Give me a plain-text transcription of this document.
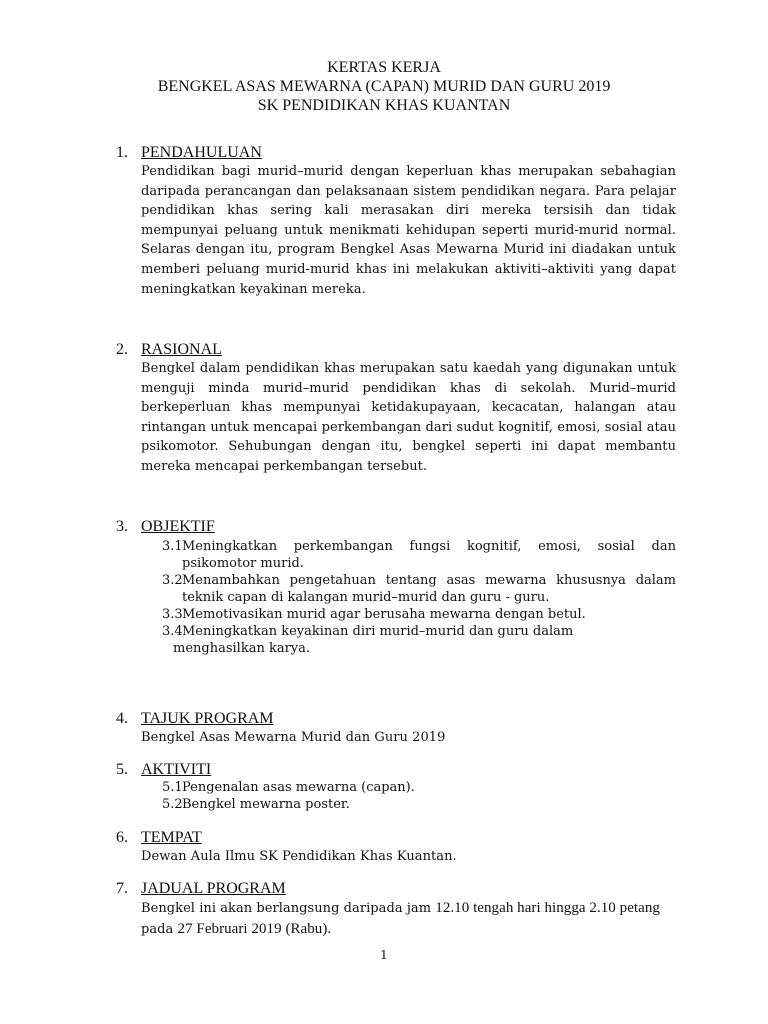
KERTAS KERJA
BENGKEL ASAS MEWARNA (CAPAN) MURID DAN GURU 2019
SK PENDIDIKAN KHAS KUANTAN
1. PENDAHULUAN
Pendidikan bagi murid–murid dengan keperluan khas merupakan sebahagian
daripada perancangan dan pelaksanaan sistem pendidikan negara. Para pelajar
pendidikan khas sering kali merasakan diri mereka tersisih dan tidak
mempunyai peluang untuk menikmati kehidupan seperti murid-murid normal.
Selaras dengan itu, program Bengkel Asas Mewarna Murid ini diadakan untuk
memberi peluang murid-murid khas ini melakukan aktiviti–aktiviti yang dapat
meningkatkan keyakinan mereka.
2. RASIONAL
Bengkel dalam pendidikan khas merupakan satu kaedah yang digunakan untuk
menguji minda murid–murid pendidikan khas di sekolah. Murid–murid
berkeperluan khas mempunyai ketidakupayaan, kecacatan, halangan atau
rintangan untuk mencapai perkembangan dari sudut kognitif, emosi, sosial atau
psikomotor. Sehubungan dengan itu, bengkel seperti ini dapat membantu
mereka mencapai perkembangan tersebut.
3. OBJEKTIF
3.1 Meningkatkan perkembangan fungsi kognitif, emosi, sosial dan
psikomotor murid.
3.2 Menambahkan pengetahuan tentang asas mewarna khususnya dalam
teknik capan di kalangan murid–murid dan guru - guru.
3.3 Memotivasikan murid agar berusaha mewarna dengan betul.
3.4 Meningkatkan keyakinan diri murid–murid dan guru dalam
menghasilkan karya.
4. TAJUK PROGRAM
Bengkel Asas Mewarna Murid dan Guru 2019
5. AKTIVITI
5.1 Pengenalan asas mewarna (capan).
5.2 Bengkel mewarna poster.
6. TEMPAT
Dewan Aula Ilmu SK Pendidikan Khas Kuantan.
7. JADUAL PROGRAM
Bengkel ini akan berlangsung daripada jam 12.10 tengah hari hingga 2.10 petang
pada 27 Februari 2019 (Rabu).
1
